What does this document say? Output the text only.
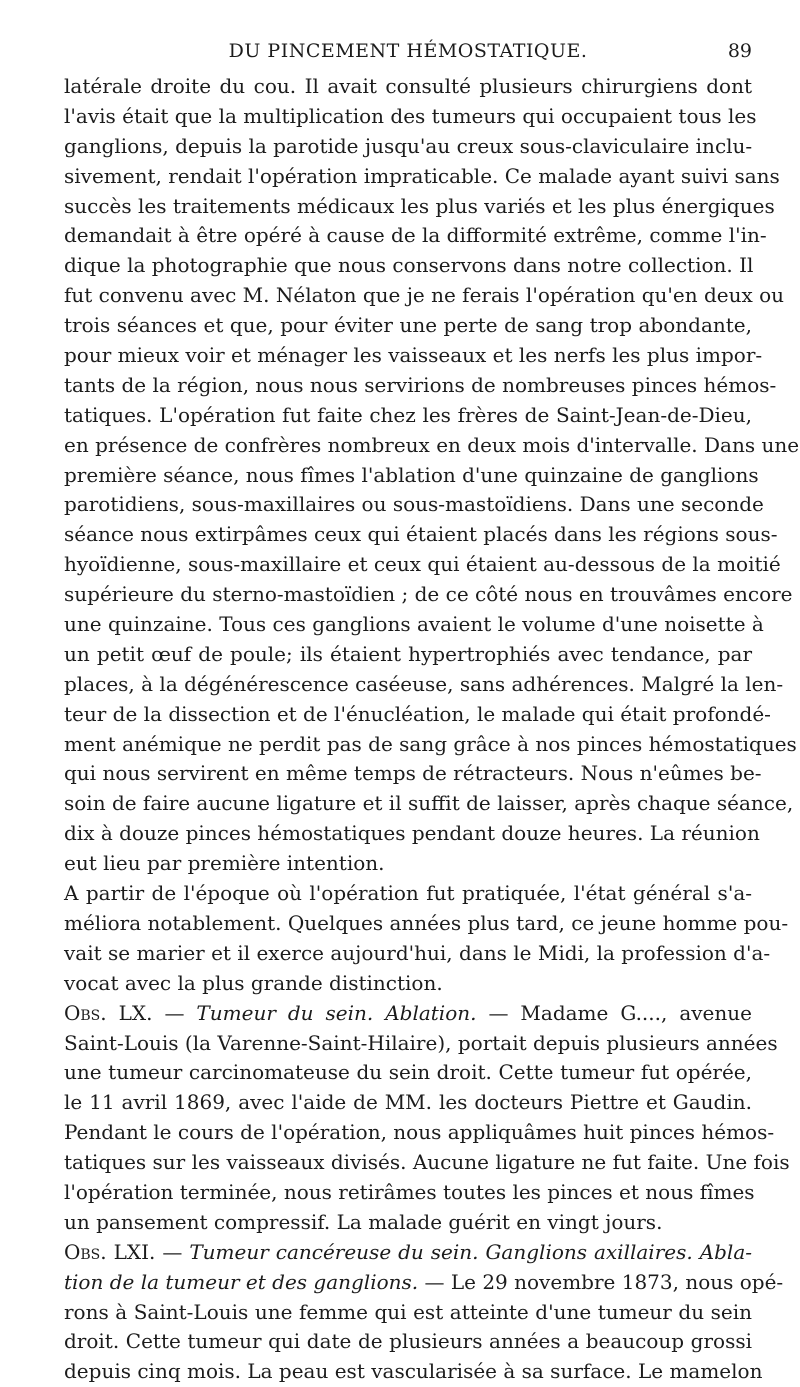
DU PINCEMENT HÉMOSTATIQUE.	89
latérale droite du cou. Il avait consulté plusieurs chirurgiens dont
l'avis était que la multiplication des tumeurs qui occupaient tous les
ganglions, depuis la parotide jusqu'au creux sous-claviculaire inclu-
sivement, rendait l'opération impraticable. Ce malade ayant suivi sans
succès les traitements médicaux les plus variés et les plus énergiques
demandait à être opéré à cause de la difformité extrême, comme l'in-
dique la photographie que nous conservons dans notre collection. Il
fut convenu avec M. Nélaton que je ne ferais l'opération qu'en deux ou
trois séances et que, pour éviter une perte de sang trop abondante,
pour mieux voir et ménager les vaisseaux et les nerfs les plus impor-
tants de la région, nous nous servirions de nombreuses pinces hémos-
tatiques. L'opération fut faite chez les frères de Saint-Jean-de-Dieu,
en présence de confrères nombreux en deux mois d'intervalle. Dans une
première séance, nous fîmes l'ablation d'une quinzaine de ganglions
parotidiens, sous-maxillaires ou sous-mastoïdiens. Dans une seconde
séance nous extirpâmes ceux qui étaient placés dans les régions sous-
hyoïdienne, sous-maxillaire et ceux qui étaient au-dessous de la moitié
supérieure du sterno-mastoïdien ; de ce côté nous en trouvâmes encore
une quinzaine. Tous ces ganglions avaient le volume d'une noisette à
un petit œuf de poule; ils étaient hypertrophiés avec tendance, par
places, à la dégénérescence caséeuse, sans adhérences. Malgré la len-
teur de la dissection et de l'énucléation, le malade qui était profondé-
ment anémique ne perdit pas de sang grâce à nos pinces hémostatiques
qui nous servirent en même temps de rétracteurs. Nous n'eûmes be-
soin de faire aucune ligature et il suffit de laisser, après chaque séance,
dix à douze pinces hémostatiques pendant douze heures. La réunion
eut lieu par première intention.
A partir de l'époque où l'opération fut pratiquée, l'état général s'a-
méliora notablement. Quelques années plus tard, ce jeune homme pou-
vait se marier et il exerce aujourd'hui, dans le Midi, la profession d'a-
vocat avec la plus grande distinction.
Obs. LX. — Tumeur du sein. Ablation. — Madame G...., avenue
Saint-Louis (la Varenne-Saint-Hilaire), portait depuis plusieurs années
une tumeur carcinomateuse du sein droit. Cette tumeur fut opérée,
le 11 avril 1869, avec l'aide de MM. les docteurs Piettre et Gaudin.
Pendant le cours de l'opération, nous appliquâmes huit pinces hémos-
tatiques sur les vaisseaux divisés. Aucune ligature ne fut faite. Une fois
l'opération terminée, nous retirâmes toutes les pinces et nous fîmes
un pansement compressif. La malade guérit en vingt jours.
Obs. LXI. — Tumeur cancéreuse du sein. Ganglions axillaires. Abla-
tion de la tumeur et des ganglions. — Le 29 novembre 1873, nous opé-
rons à Saint-Louis une femme qui est atteinte d'une tumeur du sein
droit. Cette tumeur qui date de plusieurs années a beaucoup grossi
depuis cinq mois. La peau est vascularisée à sa surface. Le mamelon
